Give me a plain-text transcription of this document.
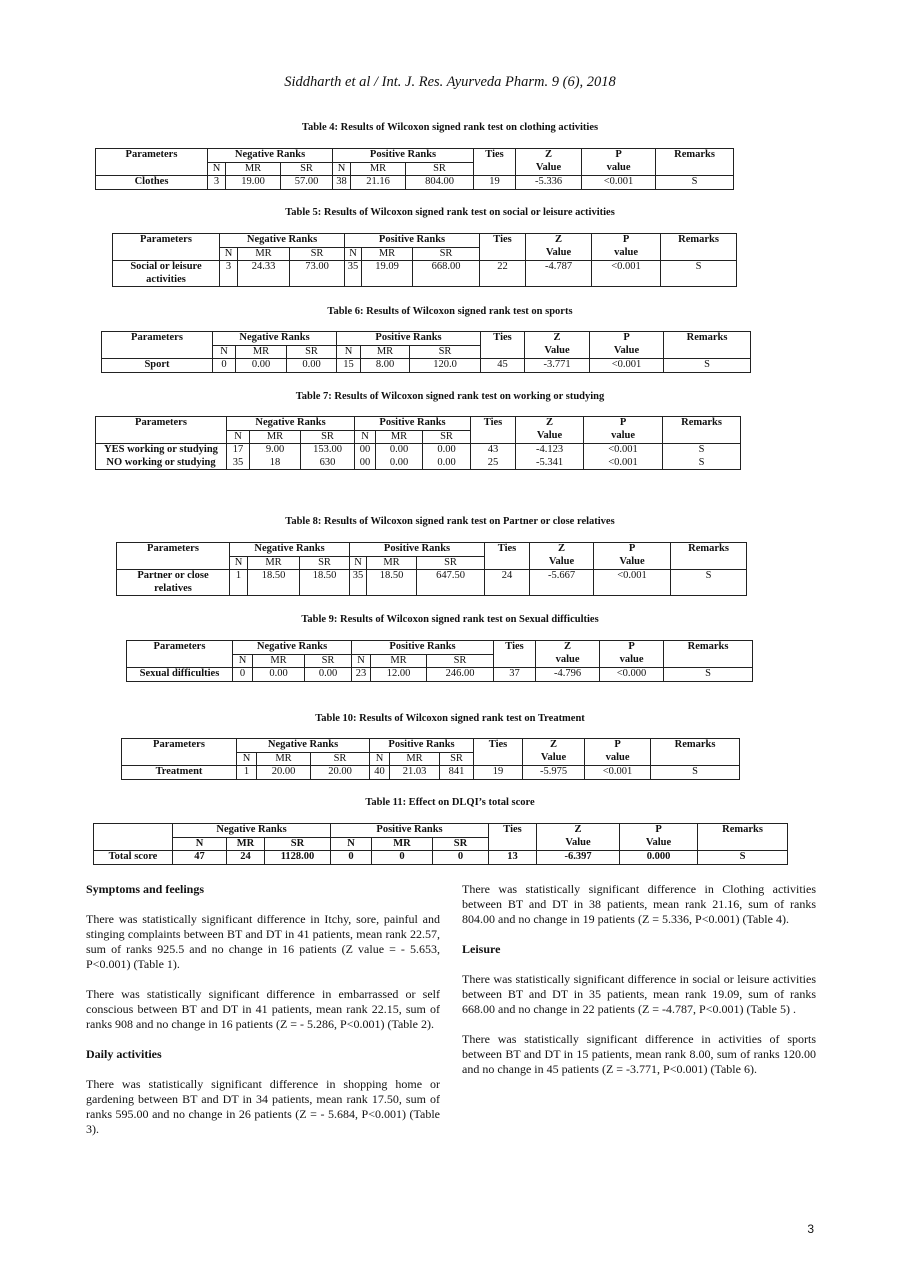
Siddharth et al / Int. J. Res. Ayurveda Pharm. 9 (6), 2018
Table 4: Results of Wilcoxon signed rank test on clothing activities
Parameters	Negative Ranks			Positive Ranks			Ties	Z	P	Remarks
	N	MR	SR	N	MR	SR		Value	value	
Clothes	3	19.00	57.00	38	21.16	804.00	19	-5.336	<0.001	S
Table 5: Results of Wilcoxon signed rank test on social or leisure activities
Parameters	Negative Ranks			Positive Ranks			Ties	Z	P	Remarks
	N	MR	SR	N	MR	SR		Value	value	
Social or leisure activities	3	24.33	73.00	35	19.09	668.00	22	-4.787	<0.001	S
Table 6: Results of Wilcoxon signed rank test on sports
Parameters	Negative Ranks			Positive Ranks			Ties	Z	P	Remarks
	N	MR	SR	N	MR	SR		Value	Value	
Sport	0	0.00	0.00	15	8.00	120.0	45	-3.771	<0.001	S
Table 7: Results of Wilcoxon signed rank test on working or studying
Parameters	Negative Ranks			Positive Ranks			Ties	Z	P	Remarks
	N	MR	SR	N	MR	SR		Value	value	
YES working or studying	17	9.00	153.00	00	0.00	0.00	43	-4.123	<0.001	S
NO working or studying	35	18	630	00	0.00	0.00	25	-5.341	<0.001	S
Table 8: Results of Wilcoxon signed rank test on Partner or close relatives
Parameters	Negative Ranks			Positive Ranks			Ties	Z	P	Remarks
	N	MR	SR	N	MR	SR		Value	Value	
Partner or close relatives	1	18.50	18.50	35	18.50	647.50	24	-5.667	<0.001	S
Table 9: Results of Wilcoxon signed rank test on Sexual difficulties
Parameters	Negative Ranks			Positive Ranks			Ties	Z	P	Remarks
	N	MR	SR	N	MR	SR		value	value	
Sexual difficulties	0	0.00	0.00	23	12.00	246.00	37	-4.796	<0.000	S
Table 10: Results of Wilcoxon signed rank test on Treatment
Parameters	Negative Ranks			Positive Ranks			Ties	Z	P	Remarks
	N	MR	SR	N	MR	SR		Value	value	
Treatment	1	20.00	20.00	40	21.03	841	19	-5.975	<0.001	S
Table 11: Effect on DLQI’s total score
	Negative Ranks			Positive Ranks			Ties	Z	P	Remarks
	N	MR	SR	N	MR	SR		Value	Value	
Total score	47	24	1128.00	0	0	0	13	-6.397	0.000	S
Symptoms and feelings

There was statistically significant difference in Itchy, sore, painful and stinging complaints between BT and DT in 41 patients, mean rank 22.57, sum of ranks 925.5 and no change in 16 patients (Z value = - 5.653, P<0.001) (Table 1).

There was statistically significant difference in embarrassed or self conscious between BT and DT in 41 patients, mean rank 22.15, sum of ranks 908 and no change in 16 patients (Z = - 5.286, P<0.001) (Table 2).

Daily activities

There was statistically significant difference in shopping home or gardening between BT and DT in 34 patients, mean rank 17.50, sum of ranks 595.00 and no change in 26 patients (Z = - 5.684, P<0.001) (Table 3).

There was statistically significant difference in Clothing activities between BT and DT in 38 patients, mean rank 21.16, sum of ranks 804.00 and no change in 19 patients (Z = 5.336, P<0.001) (Table 4).

Leisure

There was statistically significant difference in social or leisure activities between BT and DT in 35 patients, mean rank 19.09, sum of ranks 668.00 and no change in 22 patients (Z = -4.787, P<0.001) (Table 5) .

There was statistically significant difference in activities of sports between BT and DT in 15 patients, mean rank 8.00, sum of ranks 120.00 and no change in 45 patients (Z = -3.771, P<0.001) (Table 6).

3
